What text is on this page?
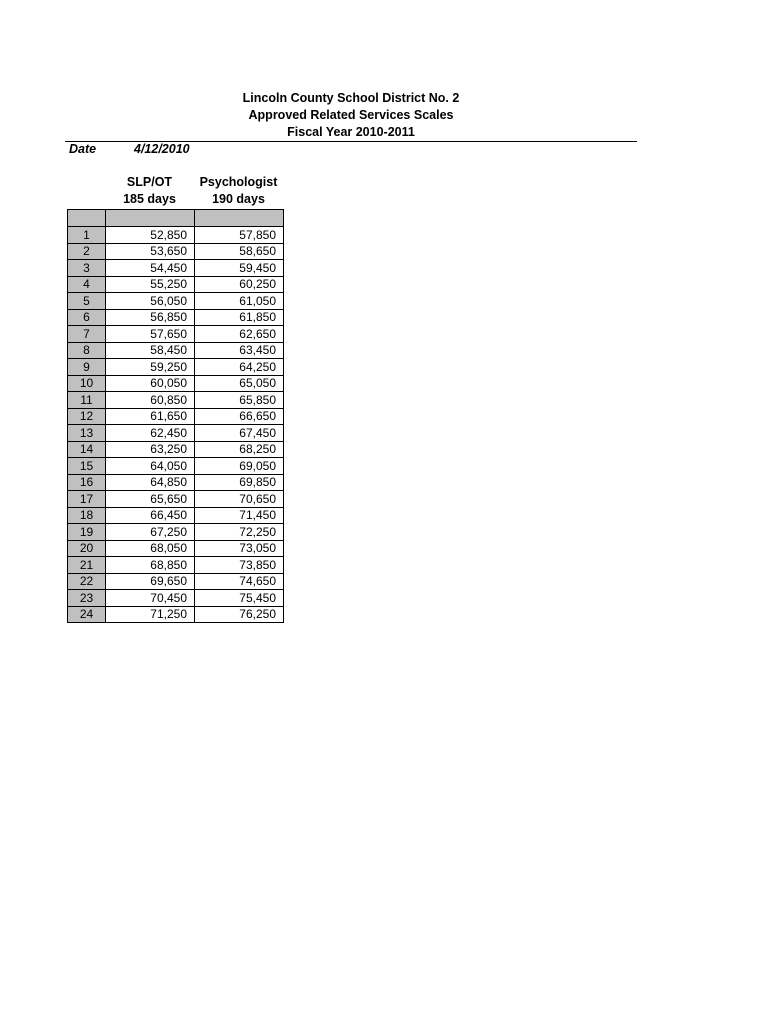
Lincoln County School District No. 2
Approved Related Services Scales
Fiscal Year 2010-2011
Date	4/12/2010
SLP/OT
185 days
Psychologist
190 days

1	52,850	57,850
2	53,650	58,650
3	54,450	59,450
4	55,250	60,250
5	56,050	61,050
6	56,850	61,850
7	57,650	62,650
8	58,450	63,450
9	59,250	64,250
10	60,050	65,050
11	60,850	65,850
12	61,650	66,650
13	62,450	67,450
14	63,250	68,250
15	64,050	69,050
16	64,850	69,850
17	65,650	70,650
18	66,450	71,450
19	67,250	72,250
20	68,050	73,050
21	68,850	73,850
22	69,650	74,650
23	70,450	75,450
24	71,250	76,250
